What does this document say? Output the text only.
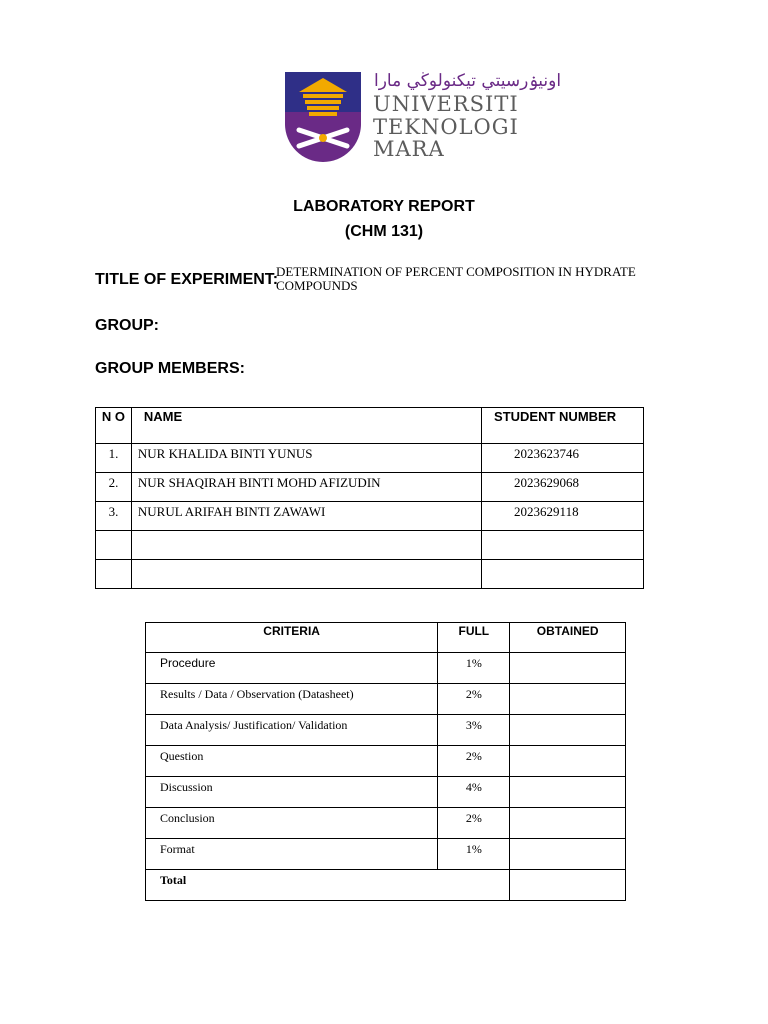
اونيۏرسيتي تيكنولوڬي مارا
UNIVERSITI
TEKNOLOGI
MARA
LABORATORY REPORT
(CHM 131)
TITLE OF EXPERIMENT:
DETERMINATION OF PERCENT COMPOSITION IN HYDRATE COMPOUNDS
GROUP:
GROUP MEMBERS:
N O	NAME	STUDENT NUMBER
1.	NUR KHALIDA BINTI YUNUS	2023623746
2.	NUR SHAQIRAH BINTI MOHD AFIZUDIN	2023629068
3.	NURUL ARIFAH BINTI ZAWAWI	2023629118

CRITERIA	FULL	OBTAINED
Procedure	1%	
Results / Data / Observation (Datasheet)	2%	
Data Analysis/ Justification/ Validation	3%	
Question	2%	
Discussion	4%	
Conclusion	2%	
Format	1%	
Total		
